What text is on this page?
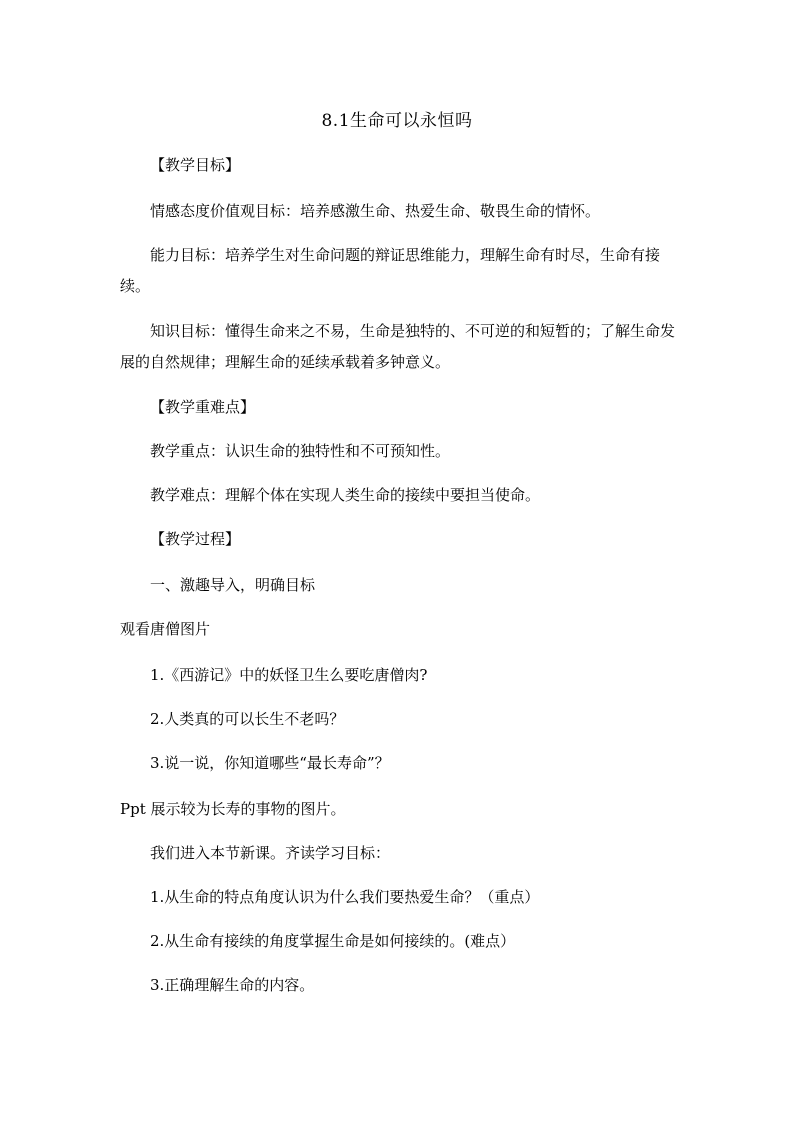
8.1生命可以永恒吗

【教学目标】

情感态度价值观目标：培养感激生命、热爱生命、敬畏生命的情怀。

能力目标：培养学生对生命问题的辩证思维能力，理解生命有时尽，生命有接续。

知识目标：懂得生命来之不易，生命是独特的、不可逆的和短暂的；了解生命发展的自然规律；理解生命的延续承载着多钟意义。

【教学重难点】

教学重点：认识生命的独特性和不可预知性。

教学难点：理解个体在实现人类生命的接续中要担当使命。

【教学过程】

一、激趣导入，明确目标

观看唐僧图片

1.《西游记》中的妖怪卫生么要吃唐僧肉?

2.人类真的可以长生不老吗？

3.说一说，你知道哪些“最长寿命”？

Ppt 展示较为长寿的事物的图片。

我们进入本节新课。齐读学习目标：

1.从生命的特点角度认识为什么我们要热爱生命？（重点）

2.从生命有接续的角度掌握生命是如何接续的。(难点）

3.正确理解生命的内容。
